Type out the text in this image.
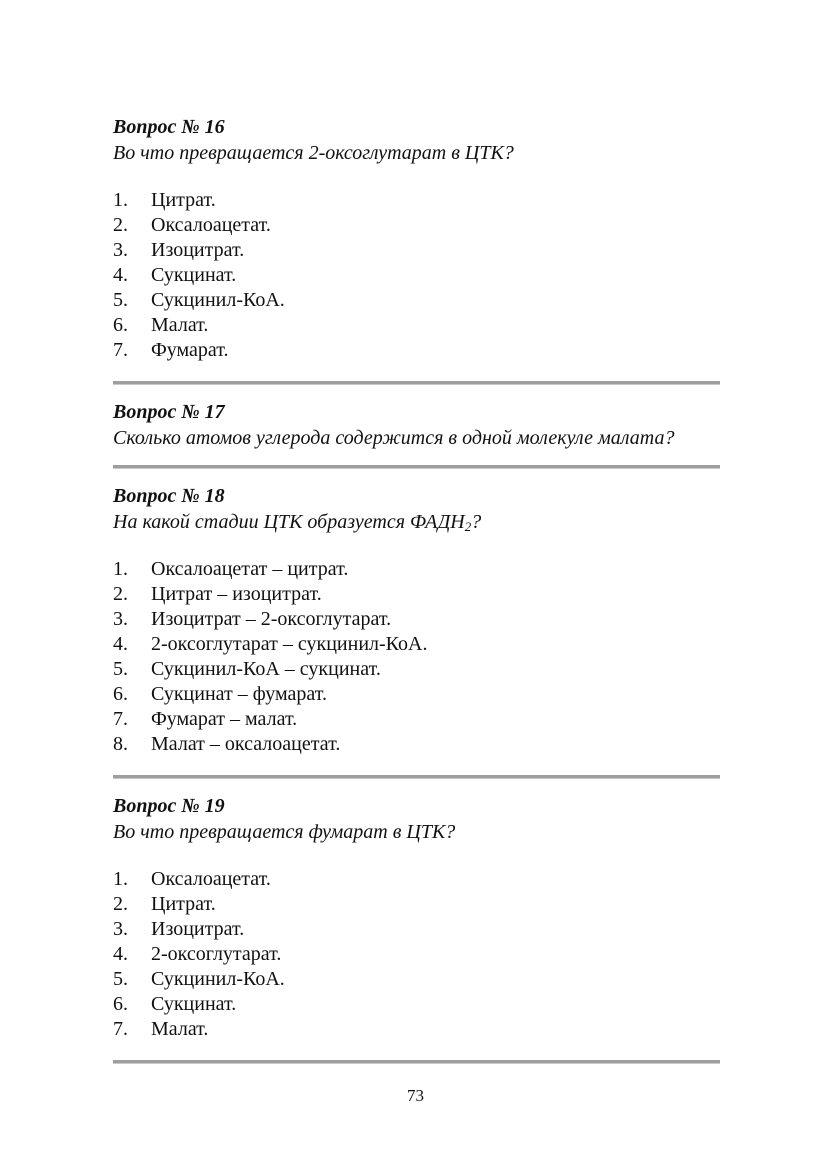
Вопрос № 16

Во что превращается 2-оксоглутарат в ЦТК?

1.	Цитрат.
2.	Оксалоацетат.
3.	Изоцитрат.
4.	Сукцинат.
5.	Сукцинил-КоА.
6.	Малат.
7.	Фумарат.

Вопрос № 17

Сколько атомов углерода содержится в одной молекуле малата?

Вопрос № 18

На какой стадии ЦТК образуется $ФАДН_2$?

1.	Оксалоацетат – цитрат.
2.	Цитрат – изоцитрат.
3.	Изоцитрат – 2-оксоглутарат.
4.	2-оксоглутарат – сукцинил-КоА.
5.	Сукцинил-КоА – сукцинат.
6.	Сукцинат – фумарат.
7.	Фумарат – малат.
8.	Малат – оксалоацетат.

Вопрос № 19

Во что превращается фумарат в ЦТК?

1.	Оксалоацетат.
2.	Цитрат.
3.	Изоцитрат.
4.	2-оксоглутарат.
5.	Сукцинил-КоА.
6.	Сукцинат.
7.	Малат.
73
